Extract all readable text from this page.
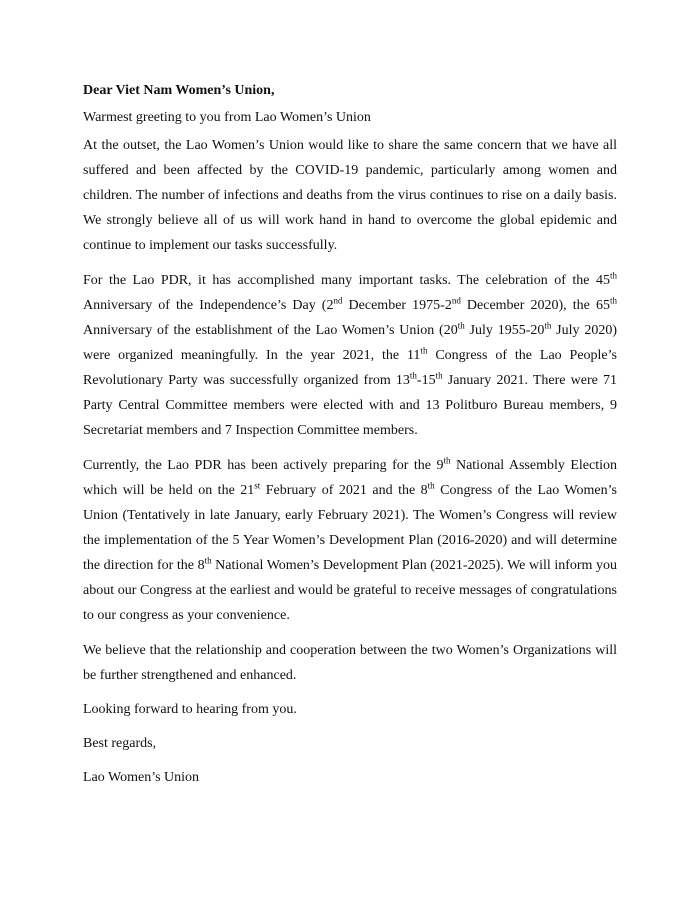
Dear Viet Nam Women’s Union,
Warmest greeting to you from Lao Women’s Union

At the outset, the Lao Women’s Union would like to share the same concern that we have all suffered and been affected by the COVID-19 pandemic, particularly among women and children. The number of infections and deaths from the virus continues to rise on a daily basis. We strongly believe all of us will work hand in hand to overcome the global epidemic and continue to implement our tasks successfully.

For the Lao PDR, it has accomplished many important tasks. The celebration of the 45th Anniversary of the Independence’s Day (2nd December 1975-2nd December 2020), the 65th Anniversary of the establishment of the Lao Women’s Union (20th July 1955-20th July 2020) were organized meaningfully. In the year 2021, the 11th Congress of the Lao People’s Revolutionary Party was successfully organized from 13th-15th January 2021. There were 71 Party Central Committee members were elected with and 13 Politburo Bureau members, 9 Secretariat members and 7 Inspection Committee members.

Currently, the Lao PDR has been actively preparing for the 9th National Assembly Election which will be held on the 21st February of 2021 and the 8th Congress of the Lao Women’s Union (Tentatively in late January, early February 2021). The Women’s Congress will review the implementation of the 5 Year Women’s Development Plan (2016-2020) and will determine the direction for the 8th National Women’s Development Plan (2021-2025). We will inform you about our Congress at the earliest and would be grateful to receive messages of congratulations to our congress as your convenience.

We believe that the relationship and cooperation between the two Women’s Organizations will be further strengthened and enhanced.

Looking forward to hearing from you.
Best regards,
Lao Women’s Union
